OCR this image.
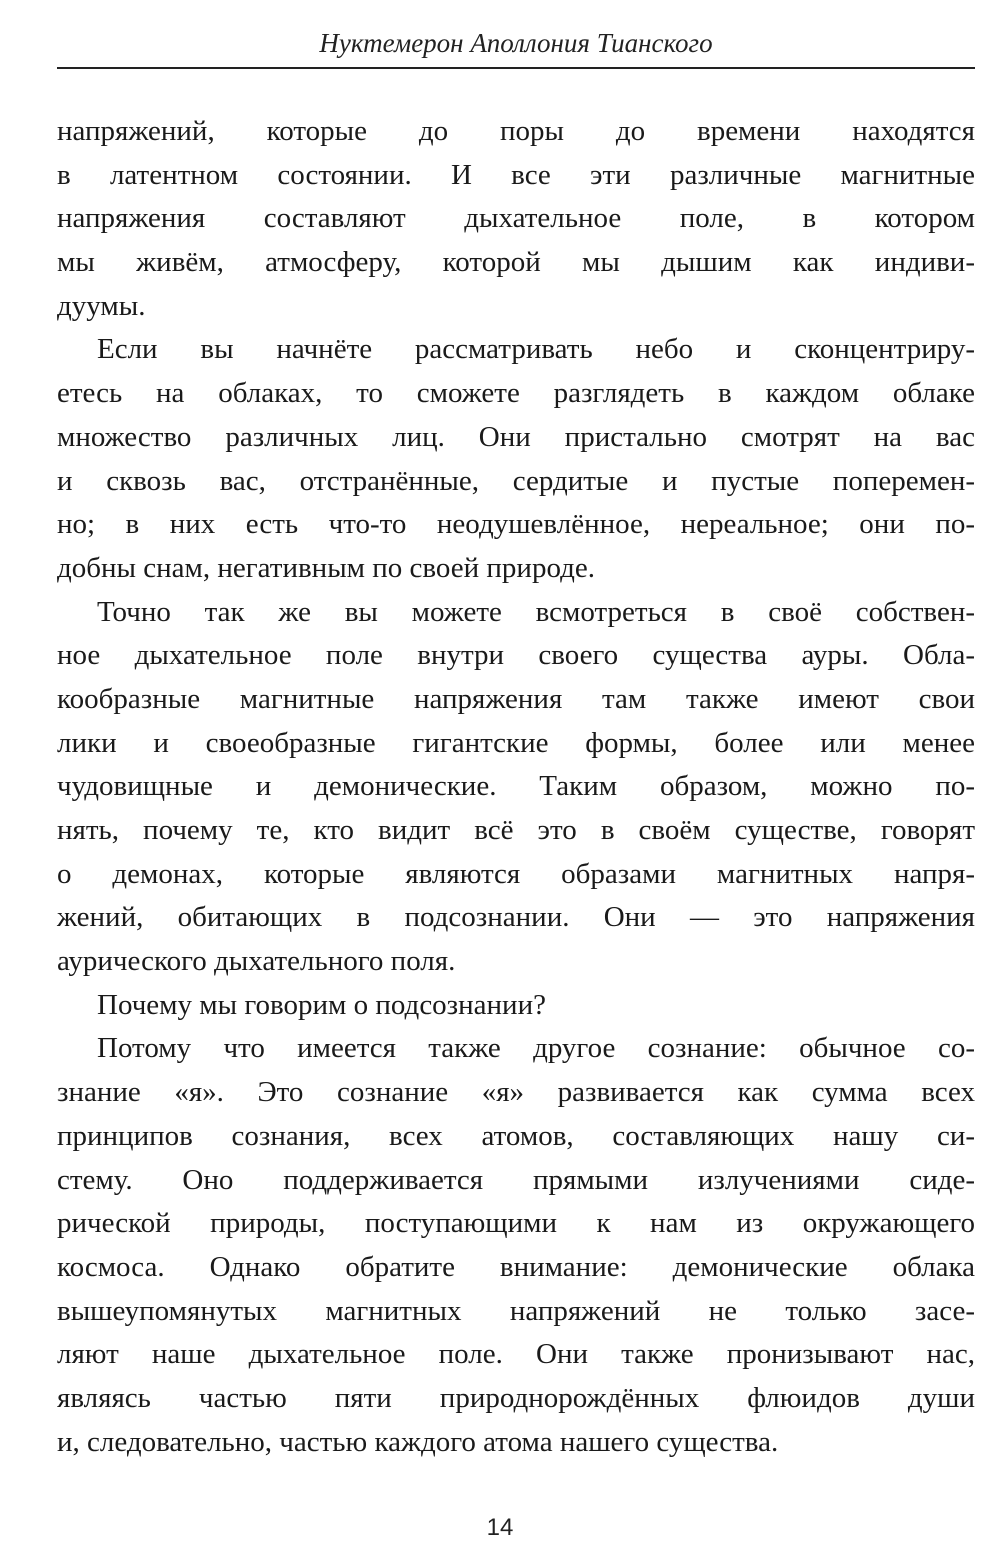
Нуктемерон Аполлония Тианского
напряжений, которые до поры до времени находятся
в латентном состоянии. И все эти различные магнитные
напряжения составляют дыхательное поле, в котором
мы живём, атмосферу, которой мы дышим как индиви-
дуумы.
Если вы начнёте рассматривать небо и сконцентриру-
етесь на облаках, то сможете разглядеть в каждом облаке
множество различных лиц. Они пристально смотрят на вас
и сквозь вас, отстранённые, сердитые и пустые поперемен-
но; в них есть что-то неодушевлённое, нереальное; они по-
добны снам, негативным по своей природе.
Точно так же вы можете всмотреться в своё собствен-
ное дыхательное поле внутри своего существа ауры. Обла-
кообразные магнитные напряжения там также имеют свои
лики и своеобразные гигантские формы, более или менее
чудовищные и демонические. Таким образом, можно по-
нять, почему те, кто видит всё это в своём существе, говорят
о демонах, которые являются образами магнитных напря-
жений, обитающих в подсознании. Они — это напряжения
аурического дыхательного поля.
Почему мы говорим о подсознании?
Потому что имеется также другое сознание: обычное со-
знание «я». Это сознание «я» развивается как сумма всех
принципов сознания, всех атомов, составляющих нашу си-
стему. Оно поддерживается прямыми излучениями сиде-
рической природы, поступающими к нам из окружающего
космоса. Однако обратите внимание: демонические облака
вышеупомянутых магнитных напряжений не только засе-
ляют наше дыхательное поле. Они также пронизывают нас,
являясь частью пяти природнорождённых флюидов души
и, следовательно, частью каждого атома нашего существа.
14
